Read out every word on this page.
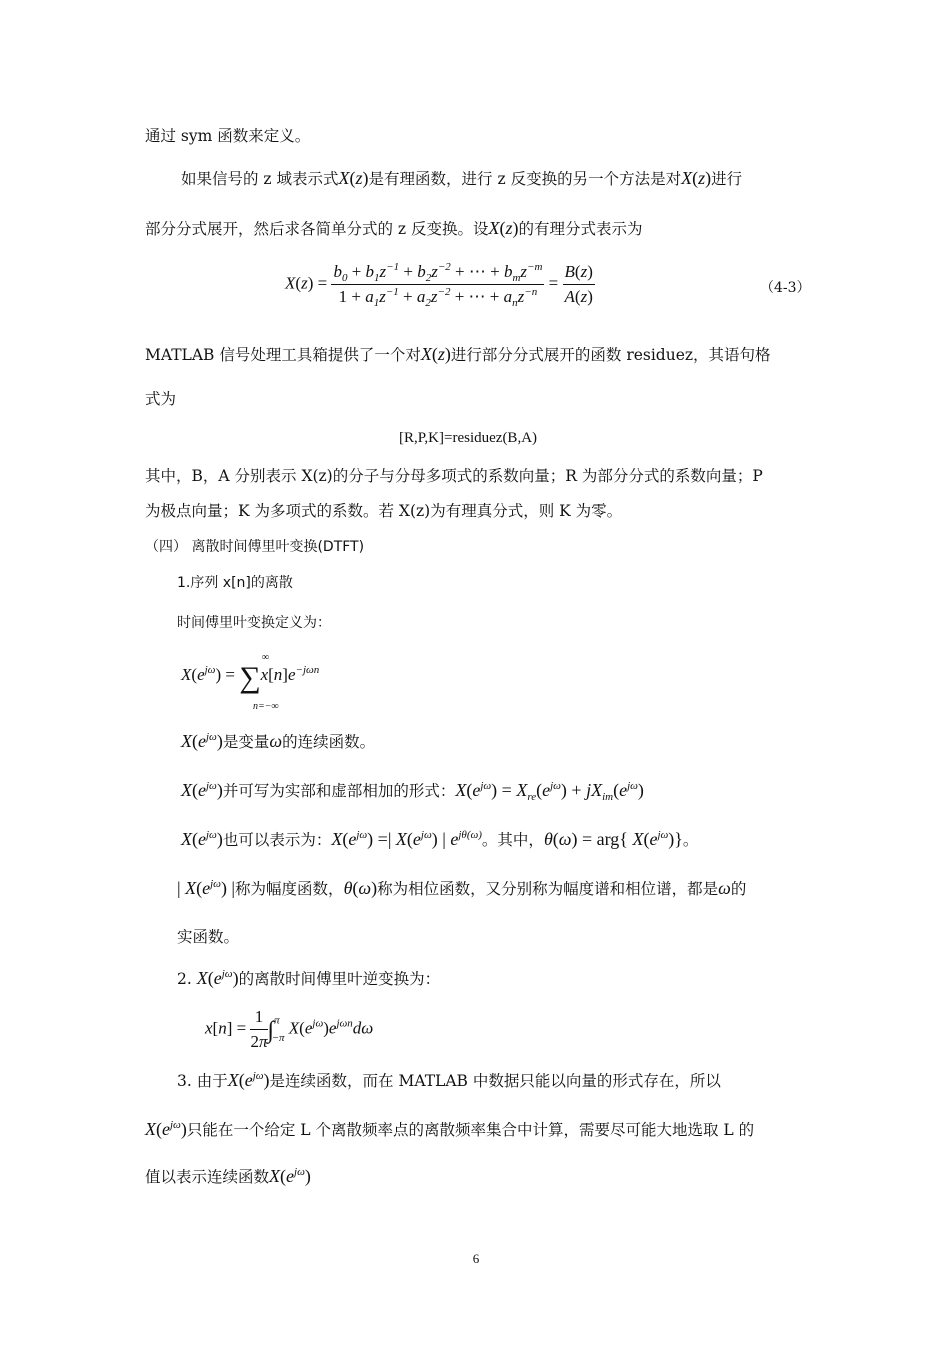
通过 sym 函数来定义。
如果信号的 z 域表示式X(z)是有理函数，进行 z 反变换的另一个方法是对X(z)进行
部分分式展开，然后求各简单分式的 z 反变换。设X(z)的有理分式表示为
$X(z) = \frac{b_0 + b_1z^{-1} + b_2z^{-2} + \cdots + b_mz^{-m}}{1 + a_1z^{-1} + a_2z^{-2} + \cdots + a_nz^{-n}} = \frac{B(z)}{A(z)}$	（4-3）
MATLAB 信号处理工具箱提供了一个对X(z)进行部分分式展开的函数 residuez，其语句格
式为
[R,P,K]=residuez(B,A)
其中，B，A 分别表示 X(z)的分子与分母多项式的系数向量；R 为部分分式的系数向量；P
为极点向量；K 为多项式的系数。若 X(z)为有理真分式，则 K 为零。
（四） 离散时间傅里叶变换(DTFT)
1.序列 x[n]的离散
时间傅里叶变换定义为：
$X(e^{j\omega}) = \sum x[n]e^{-j\omega n}$
∞
n=−∞
$X(e^{j\omega})$是变量ω的连续函数。
$X(e^{j\omega})$并可写为实部和虚部相加的形式：$X(e^{j\omega}) = X_{re}(e^{j\omega}) + jX_{im}(e^{j\omega})$
$X(e^{j\omega})$也可以表示为：$X(e^{j\omega})$ =| $X(e^{j\omega})$ | $e^{j\theta(\omega)}$。其中，θ(ω) = arg{ $X(e^{j\omega})$}。
| $X(e^{j\omega})$ |称为幅度函数，θ(ω)称为相位函数，又分别称为幅度谱和相位谱，都是ω的
实函数。
2. $X(e^{j\omega})$的离散时间傅里叶逆变换为：
$x[n] = \frac{1}{2\pi} \int^\pi_{-\pi}$ $X(e^{j\omega})e^{j\omega n}d\omega$
3. 由于$X(e^{j\omega})$是连续函数，而在 MATLAB 中数据只能以向量的形式存在，所以
$X(e^{j\omega})$只能在一个给定 L 个离散频率点的离散频率集合中计算，需要尽可能大地选取 L 的
值以表示连续函数$X(e^{j\omega})$
6
